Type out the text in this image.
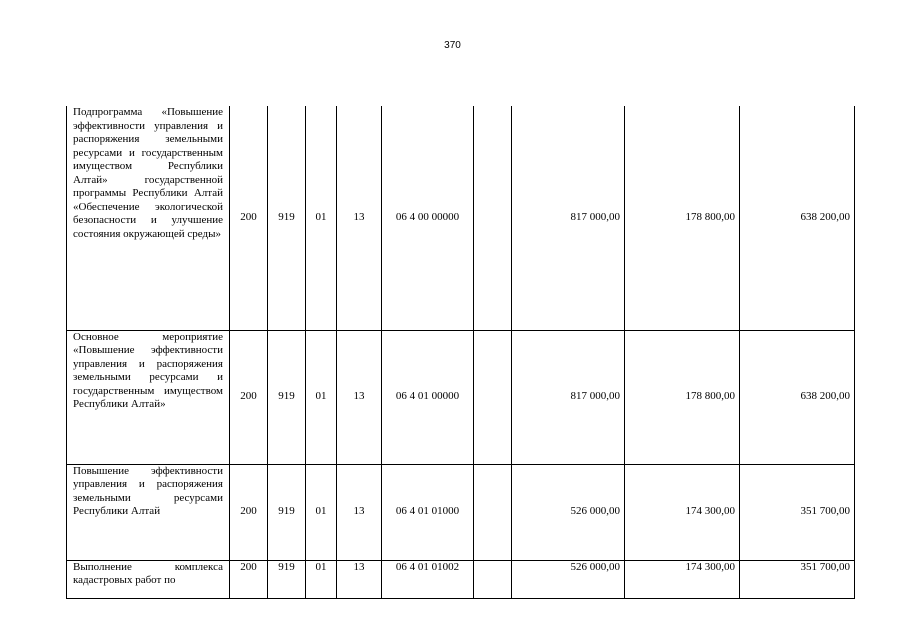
370
Подпрограмма «Повышение эффективности управления и распоряжения земельными ресурсами и государственным имуществом Республики Алтай» государственной программы Республики Алтай «Обеспечение экологической безопасности и улучшение состояния окружающей среды»	200	919	01	13	06 4 00 00000		817 000,00	178 800,00	638 200,00
Основное мероприятие «Повышение эффективности управления и распоряжения земельными ресурсами и государственным имуществом Республики Алтай»	200	919	01	13	06 4 01 00000		817 000,00	178 800,00	638 200,00
Повышение эффективности управления и распоряжения земельными ресурсами Республики Алтай	200	919	01	13	06 4 01 01000		526 000,00	174 300,00	351 700,00
Выполнение комплекса кадастровых работ по	200	919	01	13	06 4 01 01002		526 000,00	174 300,00	351 700,00
